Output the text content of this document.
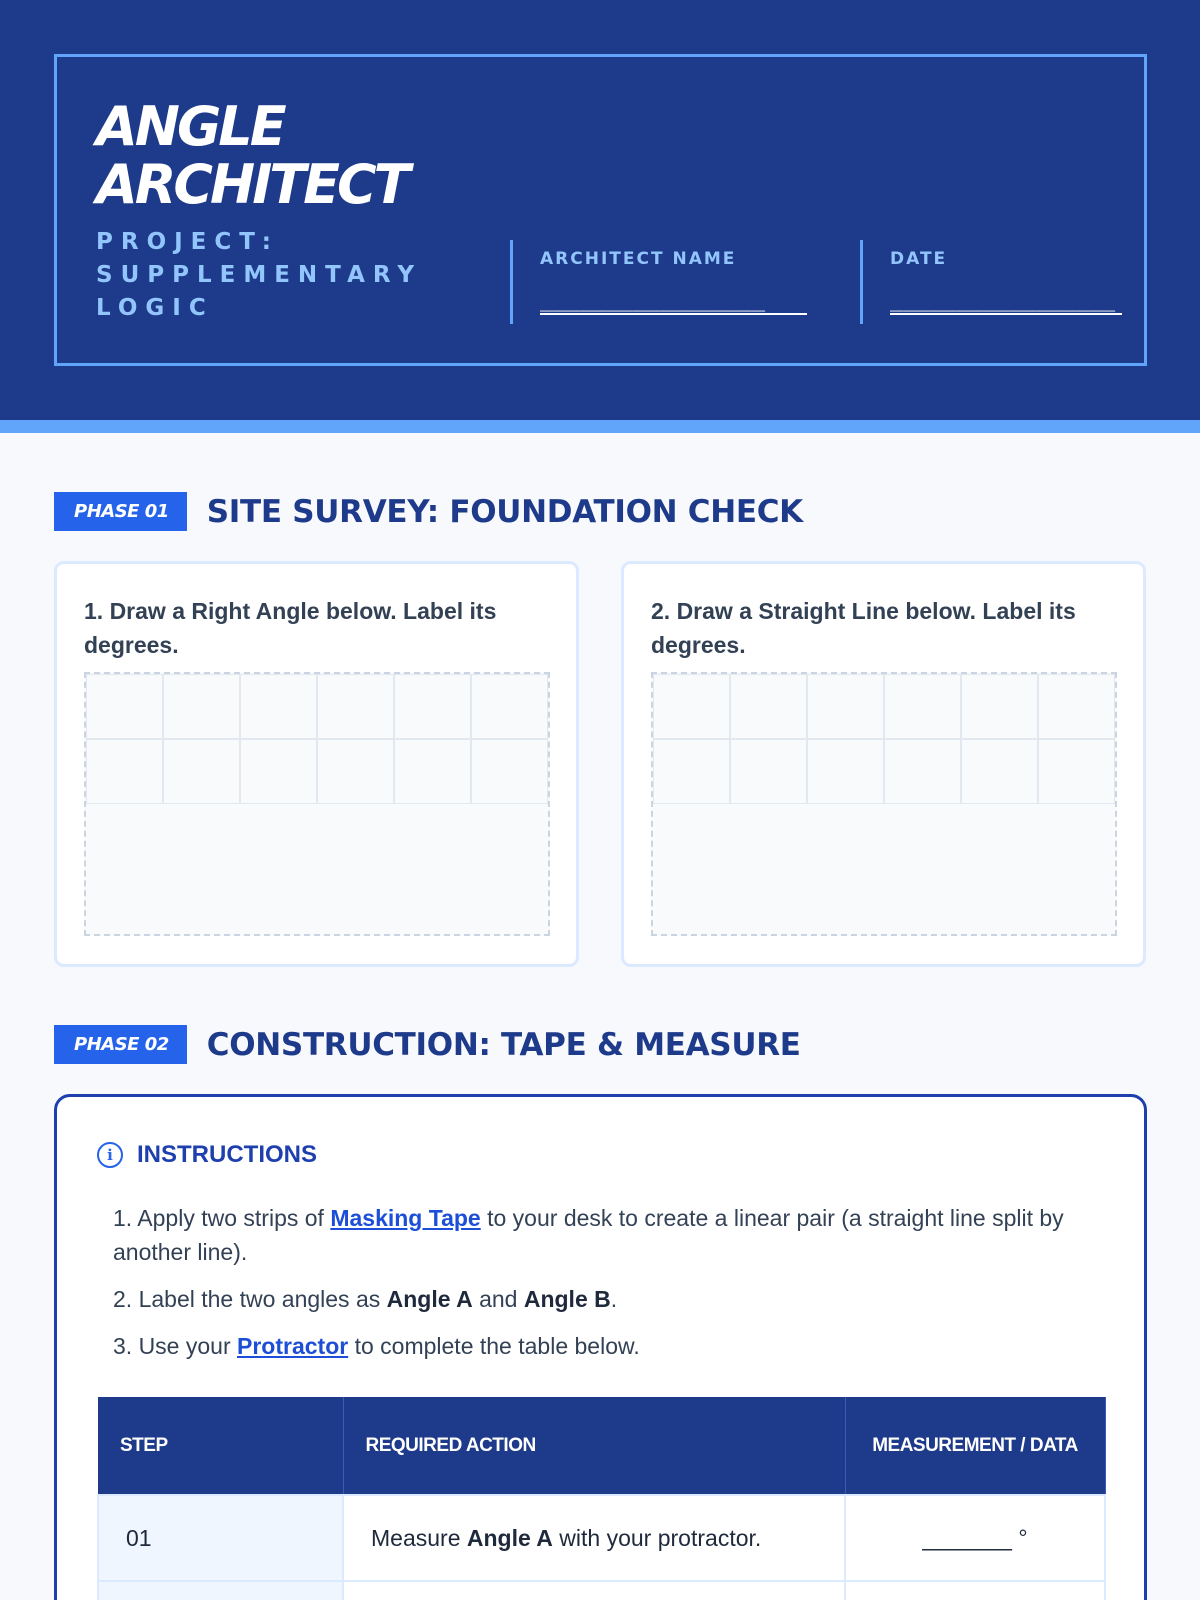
ANGLE
ARCHITECT
PROJECT: SUPPLEMENTARY LOGIC
ARCHITECT NAME
_________________
DATE
_________________
PHASE 01	SITE SURVEY: FOUNDATION CHECK
1. Draw a Right Angle below. Label its degrees.
2. Draw a Straight Line below. Label its degrees.
PHASE 02	CONSTRUCTION: TAPE & MEASURE
i	INSTRUCTIONS

1. Apply two strips of Masking Tape to your desk to create a linear pair (a straight line split by another line).

2. Label the two angles as Angle A and Angle B.

3. Use your Protractor to complete the table below.

STEP	REQUIRED ACTION	MEASUREMENT / DATA
01	Measure Angle A with your protractor.	_______ °
